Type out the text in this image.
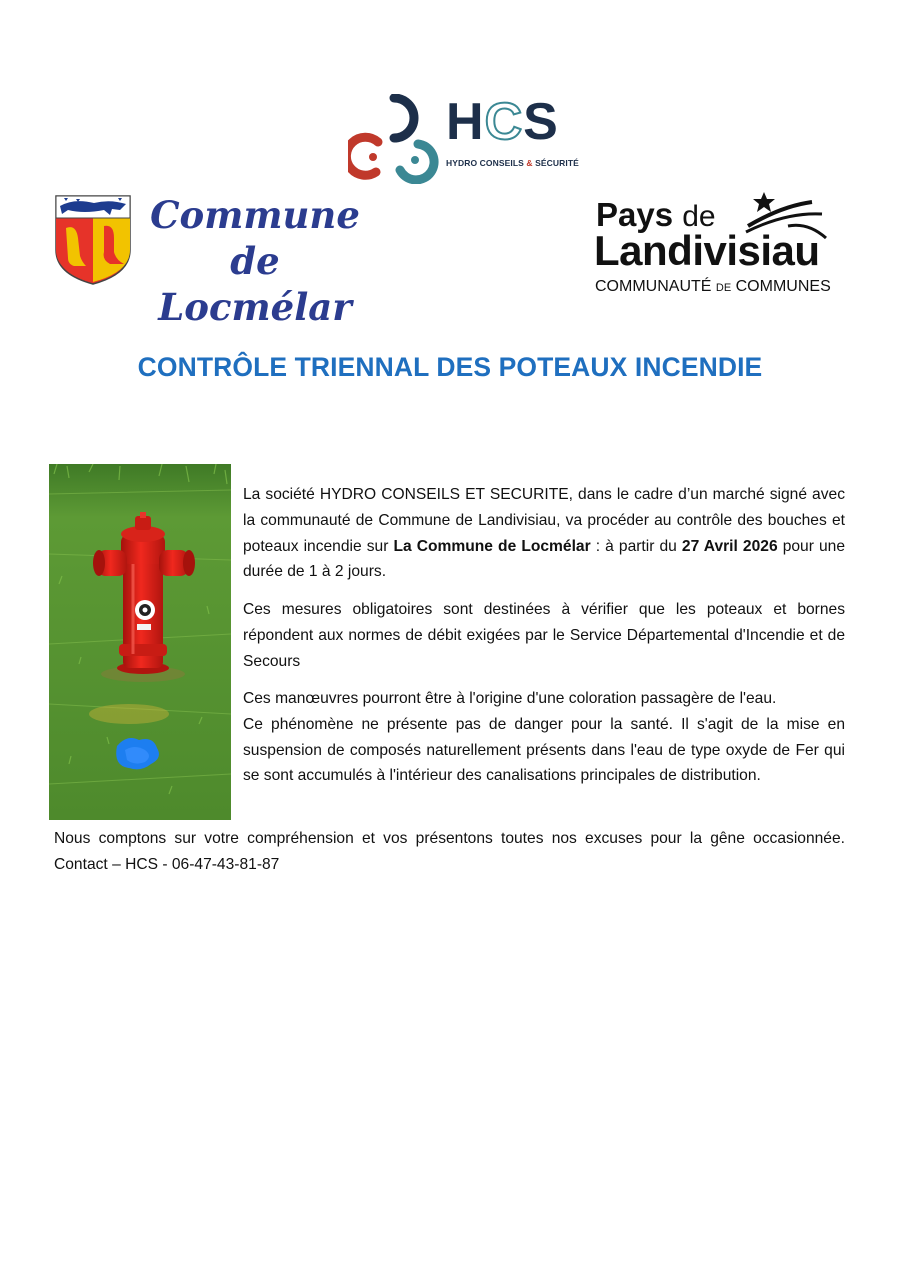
HCS
HYDRO CONSEILS & SÉCURITÉ
Commune de
Locmélar
Pays de
Landivisiau
COMMUNAUTÉ DE COMMUNES
CONTRÔLE TRIENNAL DES POTEAUX INCENDIE
La société HYDRO CONSEILS ET SECURITE, dans le cadre d’un marché signé avec la communauté de Commune de Landivisiau, va procéder au contrôle des bouches et poteaux incendie sur La Commune de Locmélar : à partir du 27 Avril 2026 pour une durée de 1 à 2 jours.
Ces mesures obligatoires sont destinées à vérifier que les poteaux et bornes répondent aux normes de débit exigées par le Service Départemental d'Incendie et de Secours
Ces manœuvres pourront être à l'origine d'une coloration passagère de l'eau.
Ce phénomène ne présente pas de danger pour la santé. Il s'agit de la mise en suspension de composés naturellement présents dans l'eau de type oxyde de Fer qui se sont accumulés à l'intérieur des canalisations principales de distribution.
Nous comptons sur votre compréhension et vos présentons toutes nos excuses pour la gêne occasionnée. Contact – HCS - 06-47-43-81-87
